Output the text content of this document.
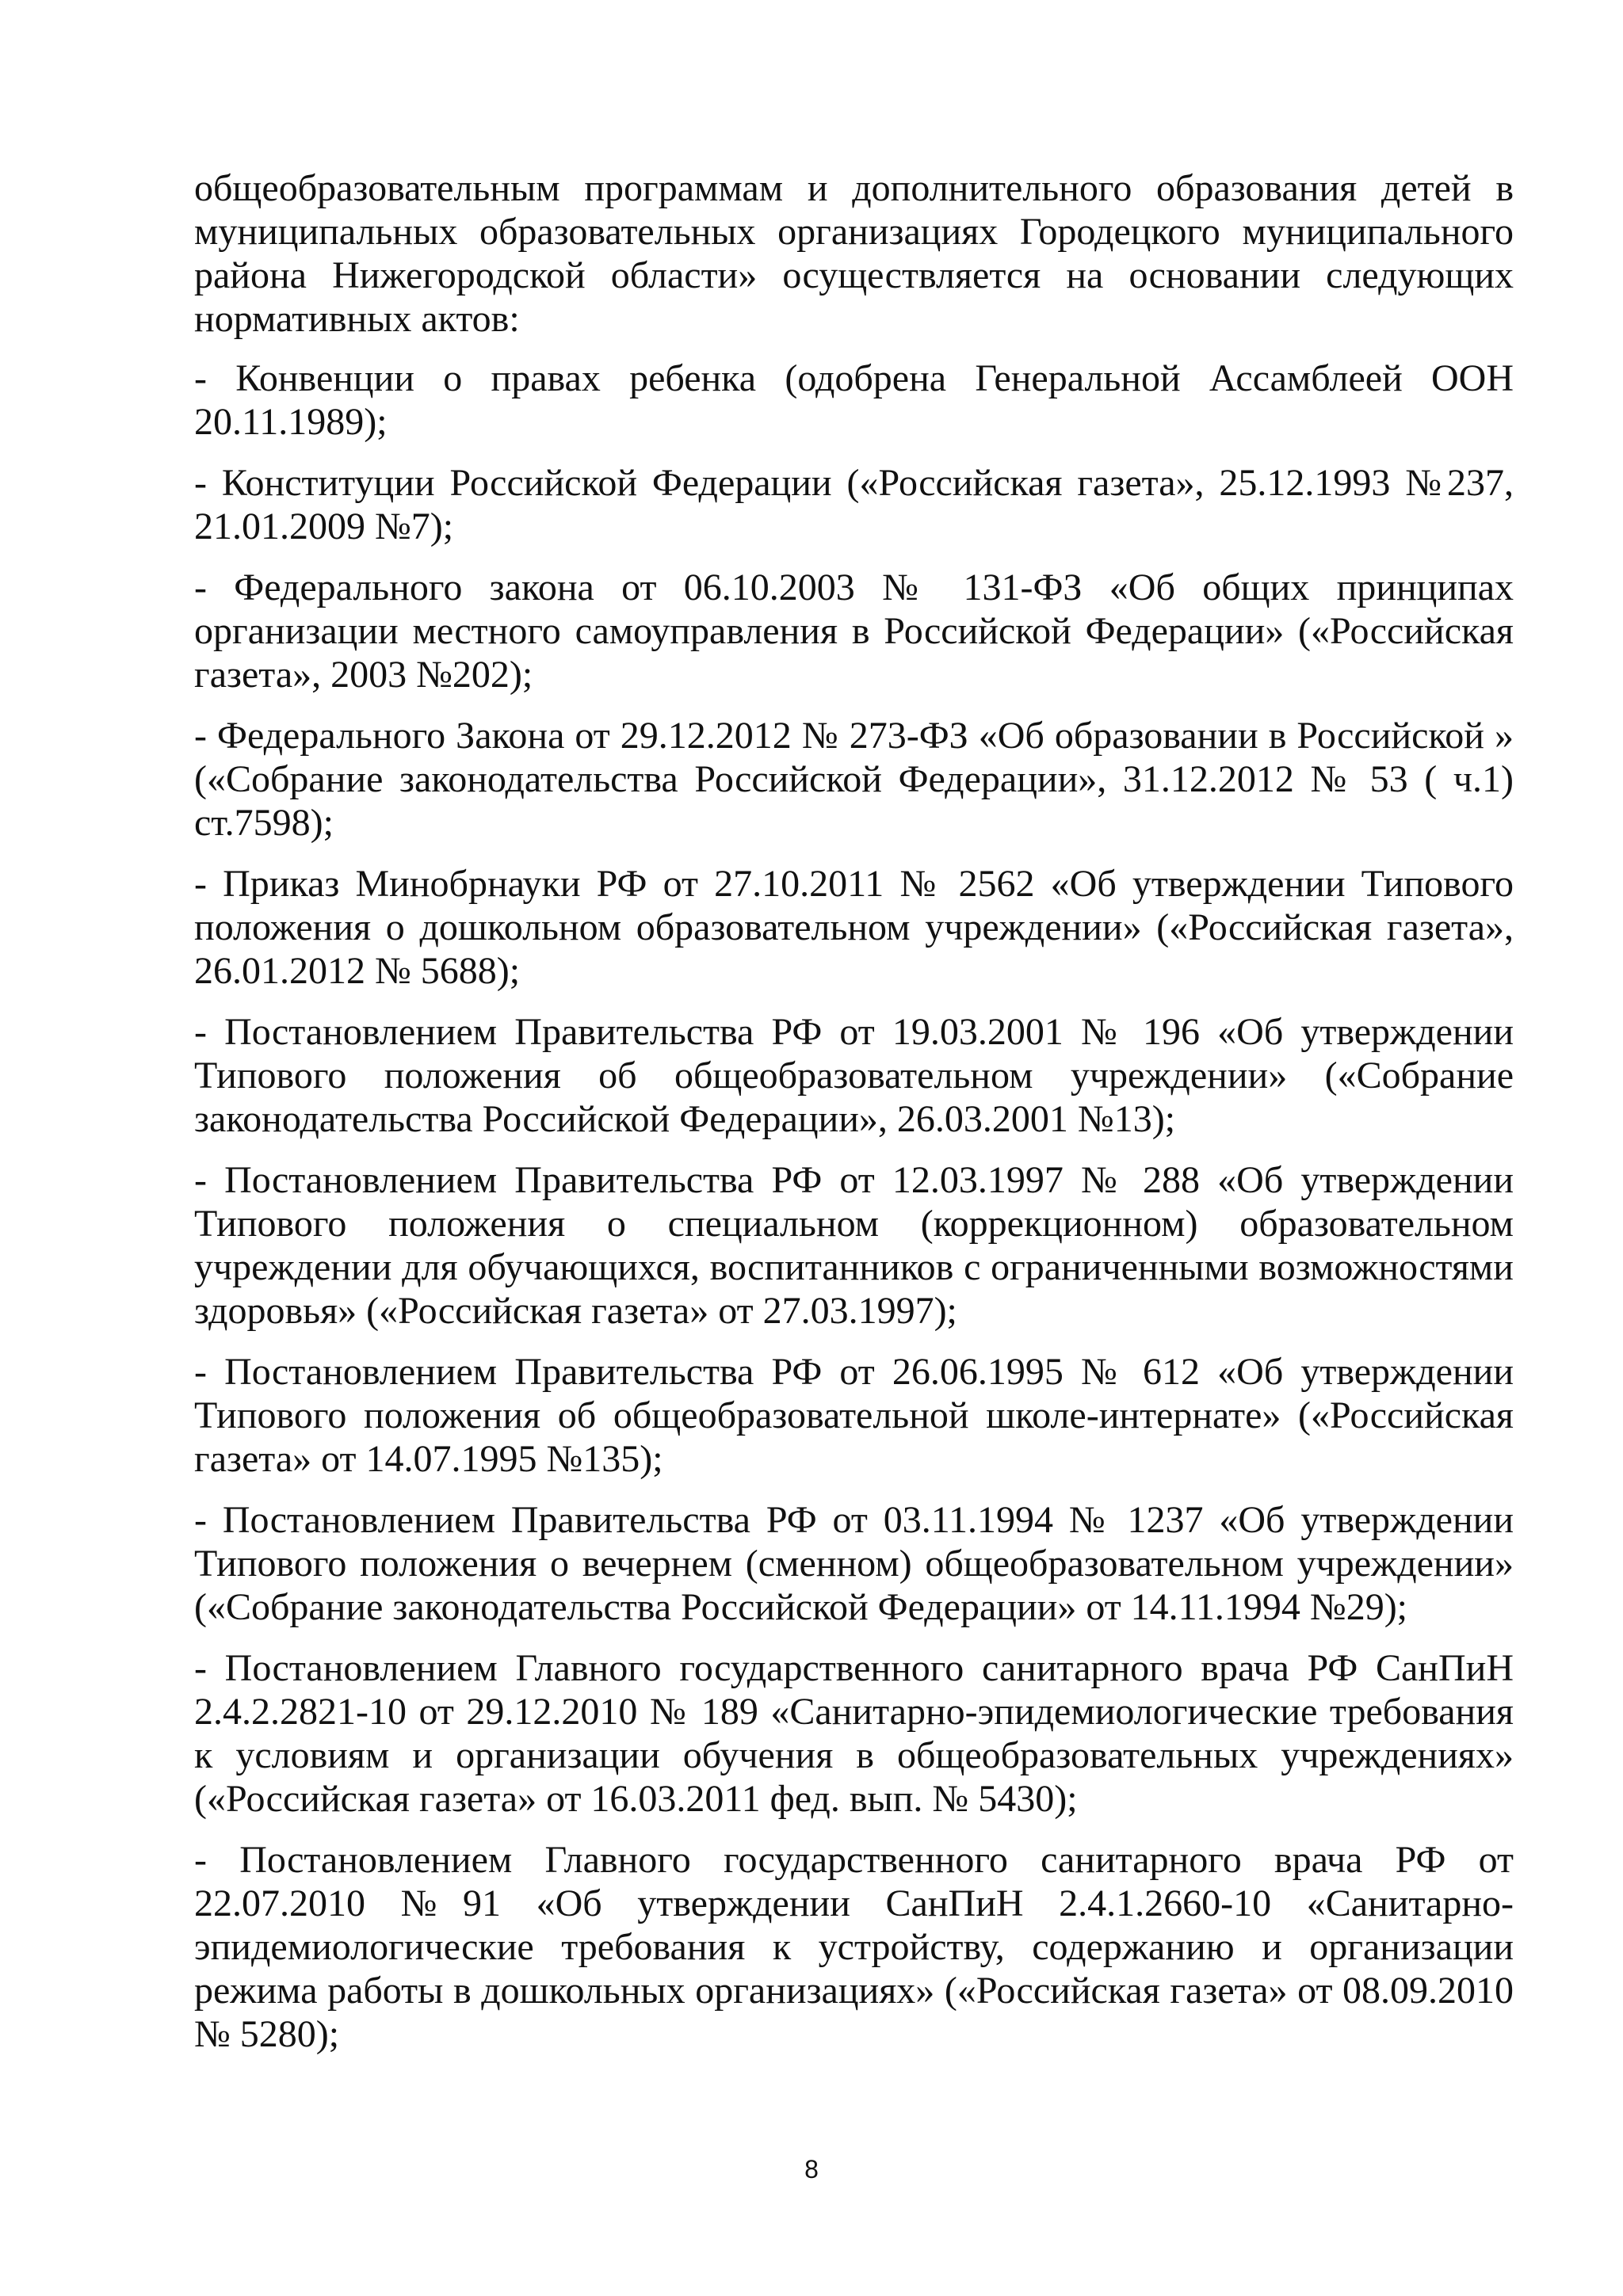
общеобразовательным программам и дополнительного образования детей в муниципальных образовательных организациях Городецкого муниципального района Нижегородской области» осуществляется на основании следующих нормативных актов:

- Конвенции о правах ребенка (одобрена Генеральной Ассамблеей ООН 20.11.1989);

- Конституции Российской Федерации («Российская газета», 25.12.1993 №237, 21.01.2009 №7);

- Федерального закона от 06.10.2003 № 131-ФЗ «Об общих принципах организации местного самоуправления в Российской Федерации» («Российская газета», 2003 №202);

- Федерального Закона от 29.12.2012 № 273-ФЗ «Об образовании в Российской » («Собрание законодательства Российской Федерации», 31.12.2012 № 53 ( ч.1) ст.7598);

- Приказ Минобрнауки РФ от 27.10.2011 № 2562 «Об утверждении Типового положения о дошкольном образовательном учреждении» («Российская газета», 26.01.2012 № 5688);

- Постановлением Правительства РФ от 19.03.2001 № 196 «Об утверждении Типового положения об общеобразовательном учреждении» («Собрание законодательства Российской Федерации», 26.03.2001 №13);

- Постановлением Правительства РФ от 12.03.1997 № 288 «Об утверждении Типового положения о специальном (коррекционном) образовательном учреждении для обучающихся, воспитанников с ограниченными возможностями здоровья» («Российская газета» от 27.03.1997);

- Постановлением Правительства РФ от 26.06.1995 № 612 «Об утверждении Типового положения об общеобразовательной школе-интернате» («Российская газета» от 14.07.1995 №135);

- Постановлением Правительства РФ от 03.11.1994 № 1237 «Об утверждении Типового положения о вечернем (сменном) общеобразовательном учреждении» («Собрание законодательства Российской Федерации» от 14.11.1994 №29);

- Постановлением Главного государственного санитарного врача РФ СанПиН 2.4.2.2821-10 от 29.12.2010 № 189 «Санитарно-эпидемиологические требования к условиям и организации обучения в общеобразовательных учреждениях» («Российская газета» от 16.03.2011 фед. вып. № 5430);

- Постановлением Главного государственного санитарного врача РФ от 22.07.2010 №91 «Об утверждении СанПиН 2.4.1.2660-10 «Санитарно-эпидемиологические требования к устройству, содержанию и организации режима работы в дошкольных организациях» («Российская газета» от 08.09.2010 № 5280);

8
